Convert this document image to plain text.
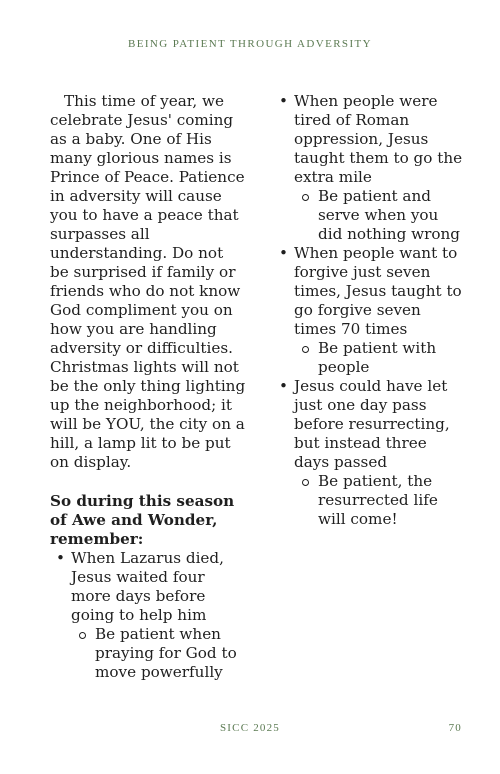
BEING PATIENT THROUGH ADVERSITY

This time of year, we celebrate Jesus' coming as a baby. One of His many glorious names is Prince of Peace. Patience in adversity will cause you to have a peace that surpasses all understanding. Do not be surprised if family or friends who do not know God compliment you on how you are handling adversity or difficulties. Christmas lights will not be the only thing lighting up the neighborhood; it will be YOU, the city on a hill, a lamp lit to be put on display.

So during this season of Awe and Wonder, remember:

• When Lazarus died, Jesus waited four more days before going to help him
Be patient when praying for God to move powerfully
• When people were tired of Roman oppression, Jesus taught them to go the extra mile
Be patient and serve when you did nothing wrong
• When people want to forgive just seven times, Jesus taught to go forgive seven times 70 times
Be patient with people
• Jesus could have let just one day pass before resurrecting, but instead three days passed
Be patient, the resurrected life will come!
SICC 2025	70
